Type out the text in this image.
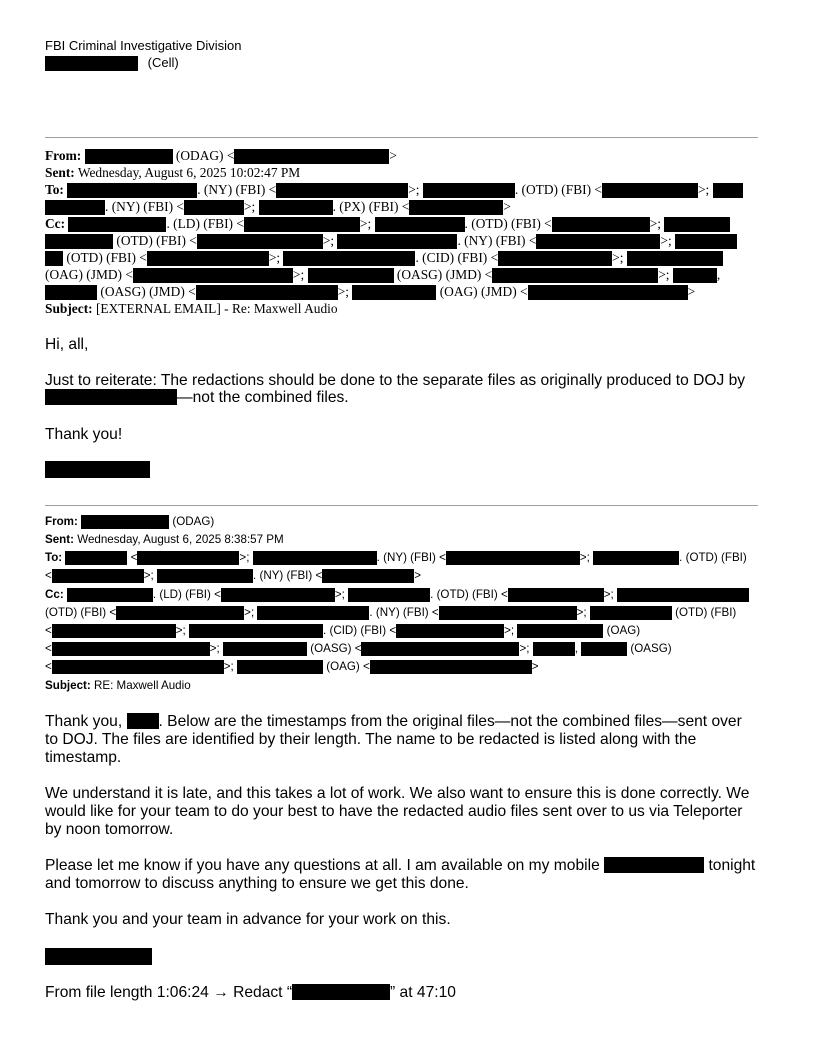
FBI Criminal Investigative Division
(Cell)
From:	(ODAG) <	>
Sent: Wednesday, August 6, 2025 10:02:47 PM
To:	. (NY) (FBI) <	>;	. (OTD) (FBI) <	>;
. (NY) (FBI) <	>;	. (PX) (FBI) <	>
Cc:	. (LD) (FBI) <	>;	. (OTD) (FBI) <	>;
(OTD) (FBI) <	>;	. (NY) (FBI) <	>;
(OTD) (FBI) <	>;	. (CID) (FBI) <	>;
(OAG) (JMD) <	>;	(OASG) (JMD) <	>;	,
(OASG) (JMD) <	>;	(OAG) (JMD) <	>
Subject: [EXTERNAL EMAIL] - Re: Maxwell Audio
Hi, all,
Just to reiterate: The redactions should be done to the separate files as originally produced to DOJ by
—not the combined files.
Thank you!
From:	(ODAG)
Sent: Wednesday, August 6, 2025 8:38:57 PM
To:	<	>;	. (NY) (FBI) <	>;	. (OTD) (FBI)
<	>;	. (NY) (FBI) <	>
Cc:	. (LD) (FBI) <	>;	. (OTD) (FBI) <	>;
(OTD) (FBI) <	>;	. (NY) (FBI) <	>;	(OTD) (FBI)
<	>;	. (CID) (FBI) <	>;	(OAG)
<	>;	(OASG) <	>;	,	(OASG)
<	>;	(OAG) <	>
Subject: RE: Maxwell Audio
Thank you, . Below are the timestamps from the original files—not the combined files—sent over
to DOJ. The files are identified by their length. The name to be redacted is listed along with the
timestamp.
We understand it is late, and this takes a lot of work. We also want to ensure this is done correctly. We
would like for your team to do your best to have the redacted audio files sent over to us via Teleporter
by noon tomorrow.
Please let me know if you have any questions at all. I am available on my mobile	tonight
and tomorrow to discuss anything to ensure we get this done.
Thank you and your team in advance for your work on this.
From file length 1:06:24 → Redact “	” at 47:10
